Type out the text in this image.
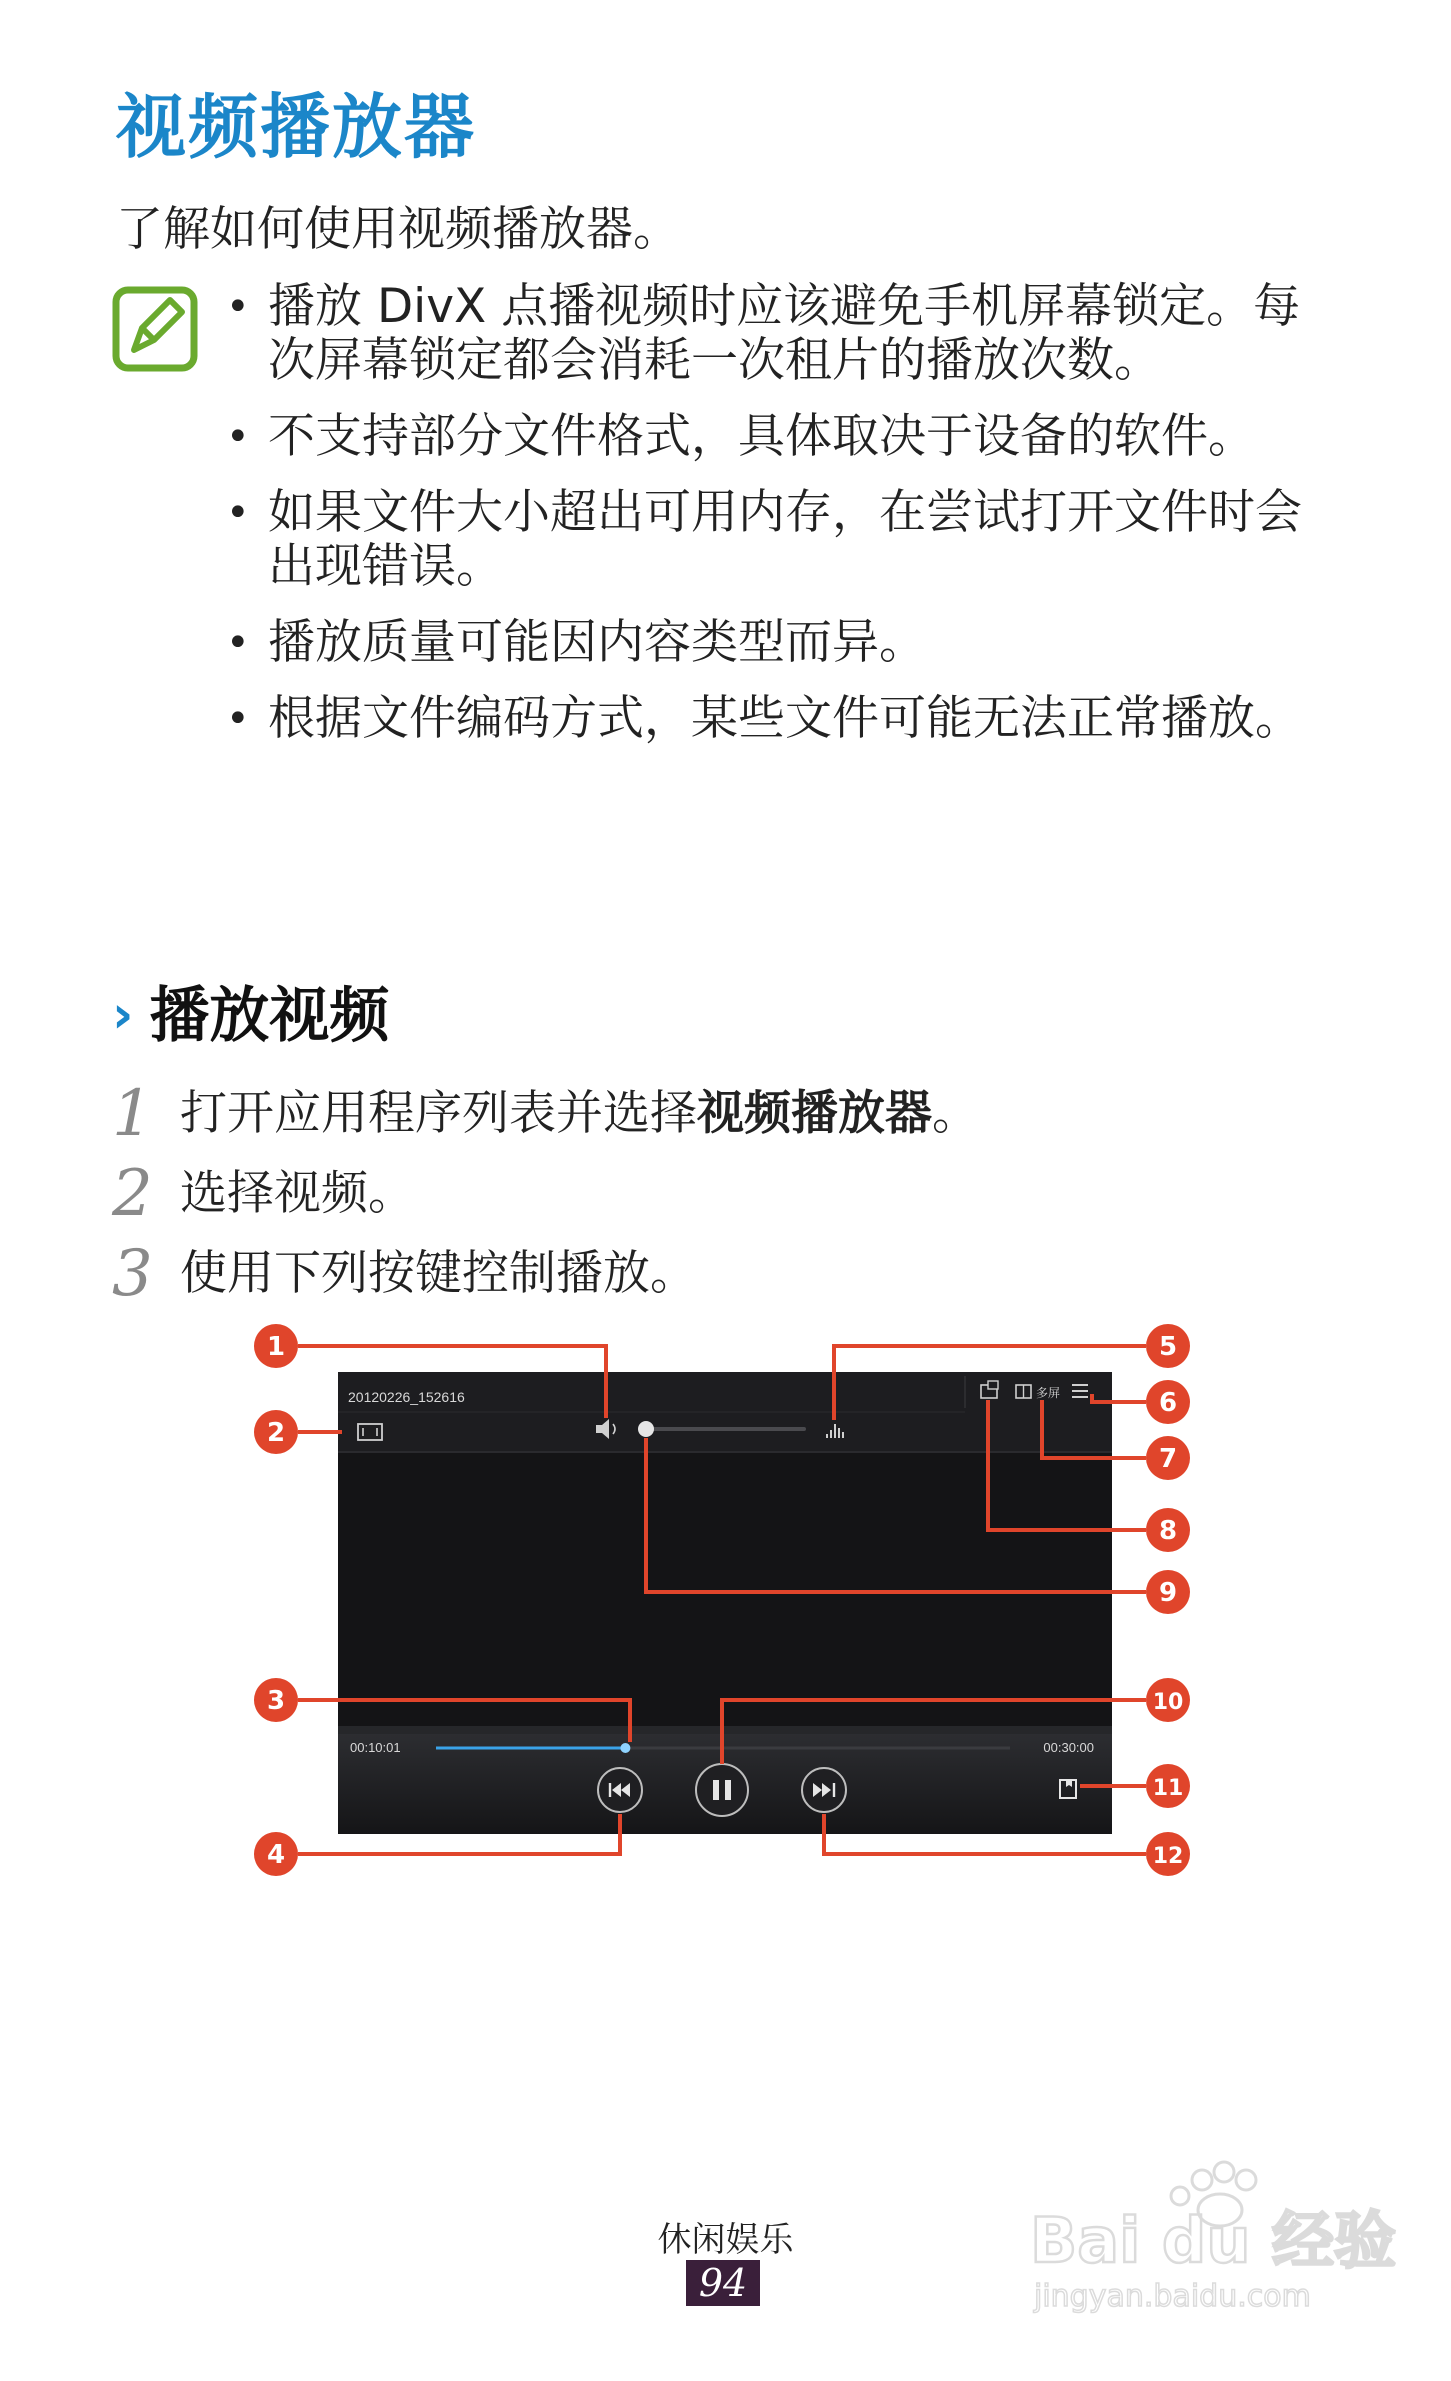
视频播放器
了解如何使用视频播放器。
• 播放 DivX 点播视频时应该避免手机屏幕锁定。每次屏幕锁定都会消耗一次租片的播放次数。
• 不支持部分文件格式，具体取决于设备的软件。
• 如果文件大小超出可用内存，在尝试打开文件时会出现错误。
• 播放质量可能因内容类型而异。
• 根据文件编码方式，某些文件可能无法正常播放。
› 播放视频
1 打开应用程序列表并选择视频播放器。
2 选择视频。
3 使用下列按键控制播放。
20120226_152616	多屏
00:10:01	00:30:00
1
2
3
4
5
6
7
8
9
10
11
12
休闲娱乐
94
Bai du 经验
jingyan.baidu.com
